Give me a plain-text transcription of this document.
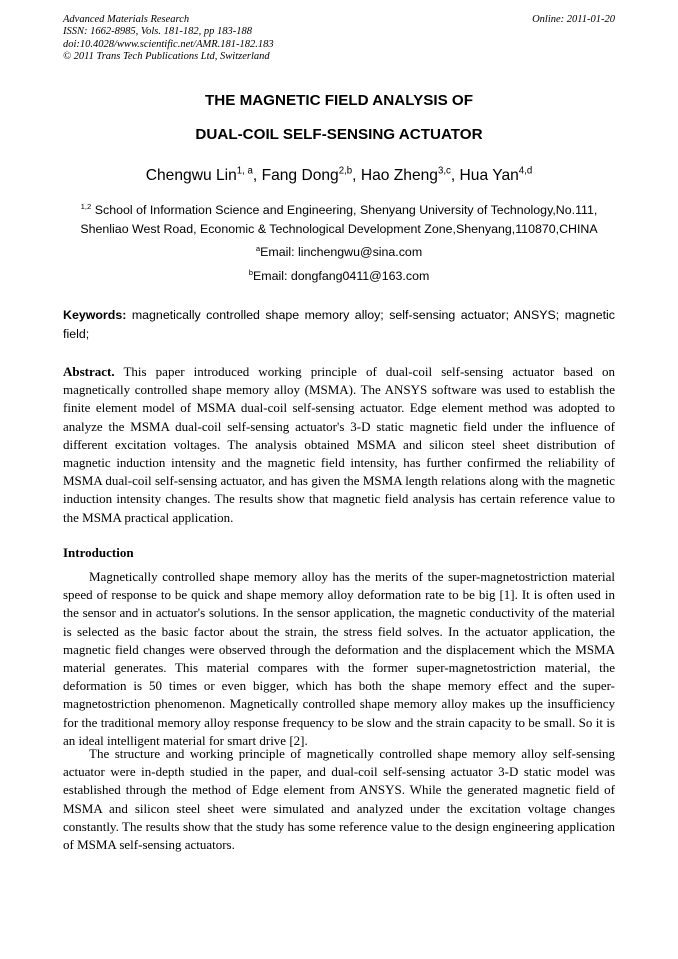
Advanced Materials Research
ISSN: 1662-8985, Vols. 181-182, pp 183-188
doi:10.4028/www.scientific.net/AMR.181-182.183
© 2011 Trans Tech Publications Ltd, Switzerland
Online: 2011-01-20
THE MAGNETIC FIELD ANALYSIS OF
DUAL-COIL SELF-SENSING ACTUATOR
Chengwu Lin$^{1, a}$, Fang Dong$^{2,b}$, Hao Zheng$^{3,c}$, Hua Yan$^{4,d}$
$^{1,2}$ School of Information Science and Engineering, Shenyang University of Technology,No.111,
Shenliao West Road, Economic & Technological Development Zone,Shenyang,110870,CHINA
$^a$Email: linchengwu@sina.com
$^b$Email: dongfang0411@163.com
Keywords: magnetically controlled shape memory alloy; self-sensing actuator; ANSYS; magnetic field;

Abstract. This paper introduced working principle of dual-coil self-sensing actuator based on magnetically controlled shape memory alloy (MSMA). The ANSYS software was used to establish the finite element model of MSMA dual-coil self-sensing actuator. Edge element method was adopted to analyze the MSMA dual-coil self-sensing actuator's 3-D static magnetic field under the influence of different excitation voltages. The analysis obtained MSMA and silicon steel sheet distribution of magnetic induction intensity and the magnetic field intensity, has further confirmed the reliability of MSMA dual-coil self-sensing actuator, and has given the MSMA length relations along with the magnetic induction intensity changes. The results show that magnetic field analysis has certain reference value to the MSMA practical application.

Introduction

Magnetically controlled shape memory alloy has the merits of the super-magnetostriction material speed of response to be quick and shape memory alloy deformation rate to be big [1]. It is often used in the sensor and in actuator's solutions. In the sensor application, the magnetic conductivity of the material is selected as the basic factor about the strain, the stress field solves. In the actuator application, the magnetic field changes were observed through the deformation and the displacement which the MSMA material generates. This material compares with the former super-magnetostriction material, the deformation is 50 times or even bigger, which has both the shape memory effect and the super-magnetostriction phenomenon. Magnetically controlled shape memory alloy makes up the insufficiency for the traditional memory alloy response frequency to be slow and the strain capacity to be small. So it is an ideal intelligent material for smart drive [2].

The structure and working principle of magnetically controlled shape memory alloy self-sensing actuator were in-depth studied in the paper, and dual-coil self-sensing actuator 3-D static model was established through the method of Edge element from ANSYS. While the generated magnetic field of MSMA and silicon steel sheet were simulated and analyzed under the excitation voltage changes constantly. The results show that the study has some reference value to the design engineering application of MSMA self-sensing actuators.
